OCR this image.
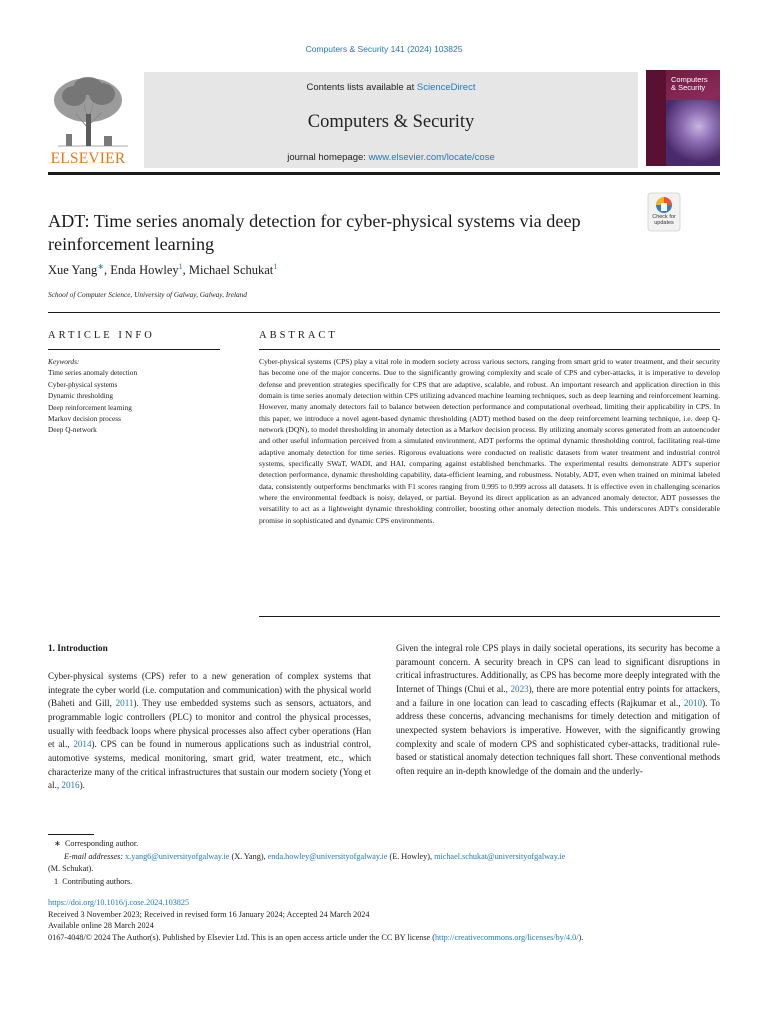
Computers & Security 141 (2024) 103825
ELSEVIER
Contents lists available at ScienceDirect
Computers & Security
journal homepage: www.elsevier.com/locate/cose
Computers
& Security
ADT: Time series anomaly detection for cyber-physical systems via deep reinforcement learning
Check for
updates
Xue Yang∗, Enda Howley$^1$, Michael Schukat$^1$
School of Computer Science, University of Galway, Galway, Ireland
ARTICLE INFO	ABSTRACT
Keywords:
Time series anomaly detection
Cyber-physical systems
Dynamic thresholding
Deep reinforcement learning
Markov decision process
Deep Q-network
Cyber-physical systems (CPS) play a vital role in modern society across various sectors, ranging from smart grid to water treatment, and their security has become one of the major concerns. Due to the significantly growing complexity and scale of CPS and cyber-attacks, it is imperative to develop defense and prevention strategies specifically for CPS that are adaptive, scalable, and robust. An important research and application direction in this domain is time series anomaly detection within CPS utilizing advanced machine learning techniques, such as deep learning and reinforcement learning. However, many anomaly detectors fail to balance between detection performance and computational overhead, limiting their applicability in CPS. In this paper, we introduce a novel agent-based dynamic thresholding (ADT) method based on the deep reinforcement learning technique, i.e. deep Q-network (DQN), to model thresholding in anomaly detection as a Markov decision process. By utilizing anomaly scores generated from an autoencoder and other useful information perceived from a simulated environment, ADT performs the optimal dynamic thresholding control, facilitating real-time adaptive anomaly detection for time series. Rigorous evaluations were conducted on realistic datasets from water treatment and industrial control systems, specifically SWaT, WADI, and HAI, comparing against established benchmarks. The experimental results demonstrate ADT's superior detection performance, dynamic thresholding capability, data-efficient learning, and robustness. Notably, ADT, even when trained on minimal labeled data, consistently outperforms benchmarks with F1 scores ranging from 0.995 to 0.999 across all datasets. It is effective even in challenging scenarios where the environmental feedback is noisy, delayed, or partial. Beyond its direct application as an advanced anomaly detector, ADT possesses the versatility to act as a lightweight dynamic thresholding controller, boosting other anomaly detection models. This underscores ADT's considerable promise in sophisticated and dynamic CPS environments.
1. Introduction

Cyber-physical systems (CPS) refer to a new generation of complex systems that integrate the cyber world (i.e. computation and communication) with the physical world (Baheti and Gill, 2011). They use embedded systems such as sensors, actuators, and programmable logic controllers (PLC) to monitor and control the physical processes, usually with feedback loops where physical processes also affect cyber operations (Han et al., 2014). CPS can be found in numerous applications such as industrial control, automotive systems, medical monitoring, smart grid, water treatment, etc., which characterize many of the critical infrastructures that sustain our modern society (Yong et al., 2016).

Given the integral role CPS plays in daily societal operations, its security has become a paramount concern. A security breach in CPS can lead to significant disruptions in critical infrastructures. Additionally, as CPS has become more deeply integrated with the Internet of Things (Chui et al., 2023), there are more potential entry points for attackers, and a failure in one location can lead to cascading effects (Rajkumar et al., 2010). To address these concerns, advancing mechanisms for timely detection and mitigation of unexpected system behaviors is imperative. However, with the significantly growing complexity and scale of modern CPS and sophisticated cyber-attacks, traditional rule-based or statistical anomaly detection techniques fall short. These conventional methods often require an in-depth knowledge of the domain and the underly-

∗  Corresponding author.
E-mail addresses: x.yang6@universityofgalway.ie (X. Yang), enda.howley@universityofgalway.ie (E. Howley), michael.schukat@universityofgalway.ie
(M. Schukat).
1  Contributing authors.
https://doi.org/10.1016/j.cose.2024.103825
Received 3 November 2023; Received in revised form 16 January 2024; Accepted 24 March 2024
Available online 28 March 2024
0167-4048/© 2024 The Author(s). Published by Elsevier Ltd. This is an open access article under the CC BY license (http://creativecommons.org/licenses/by/4.0/).
